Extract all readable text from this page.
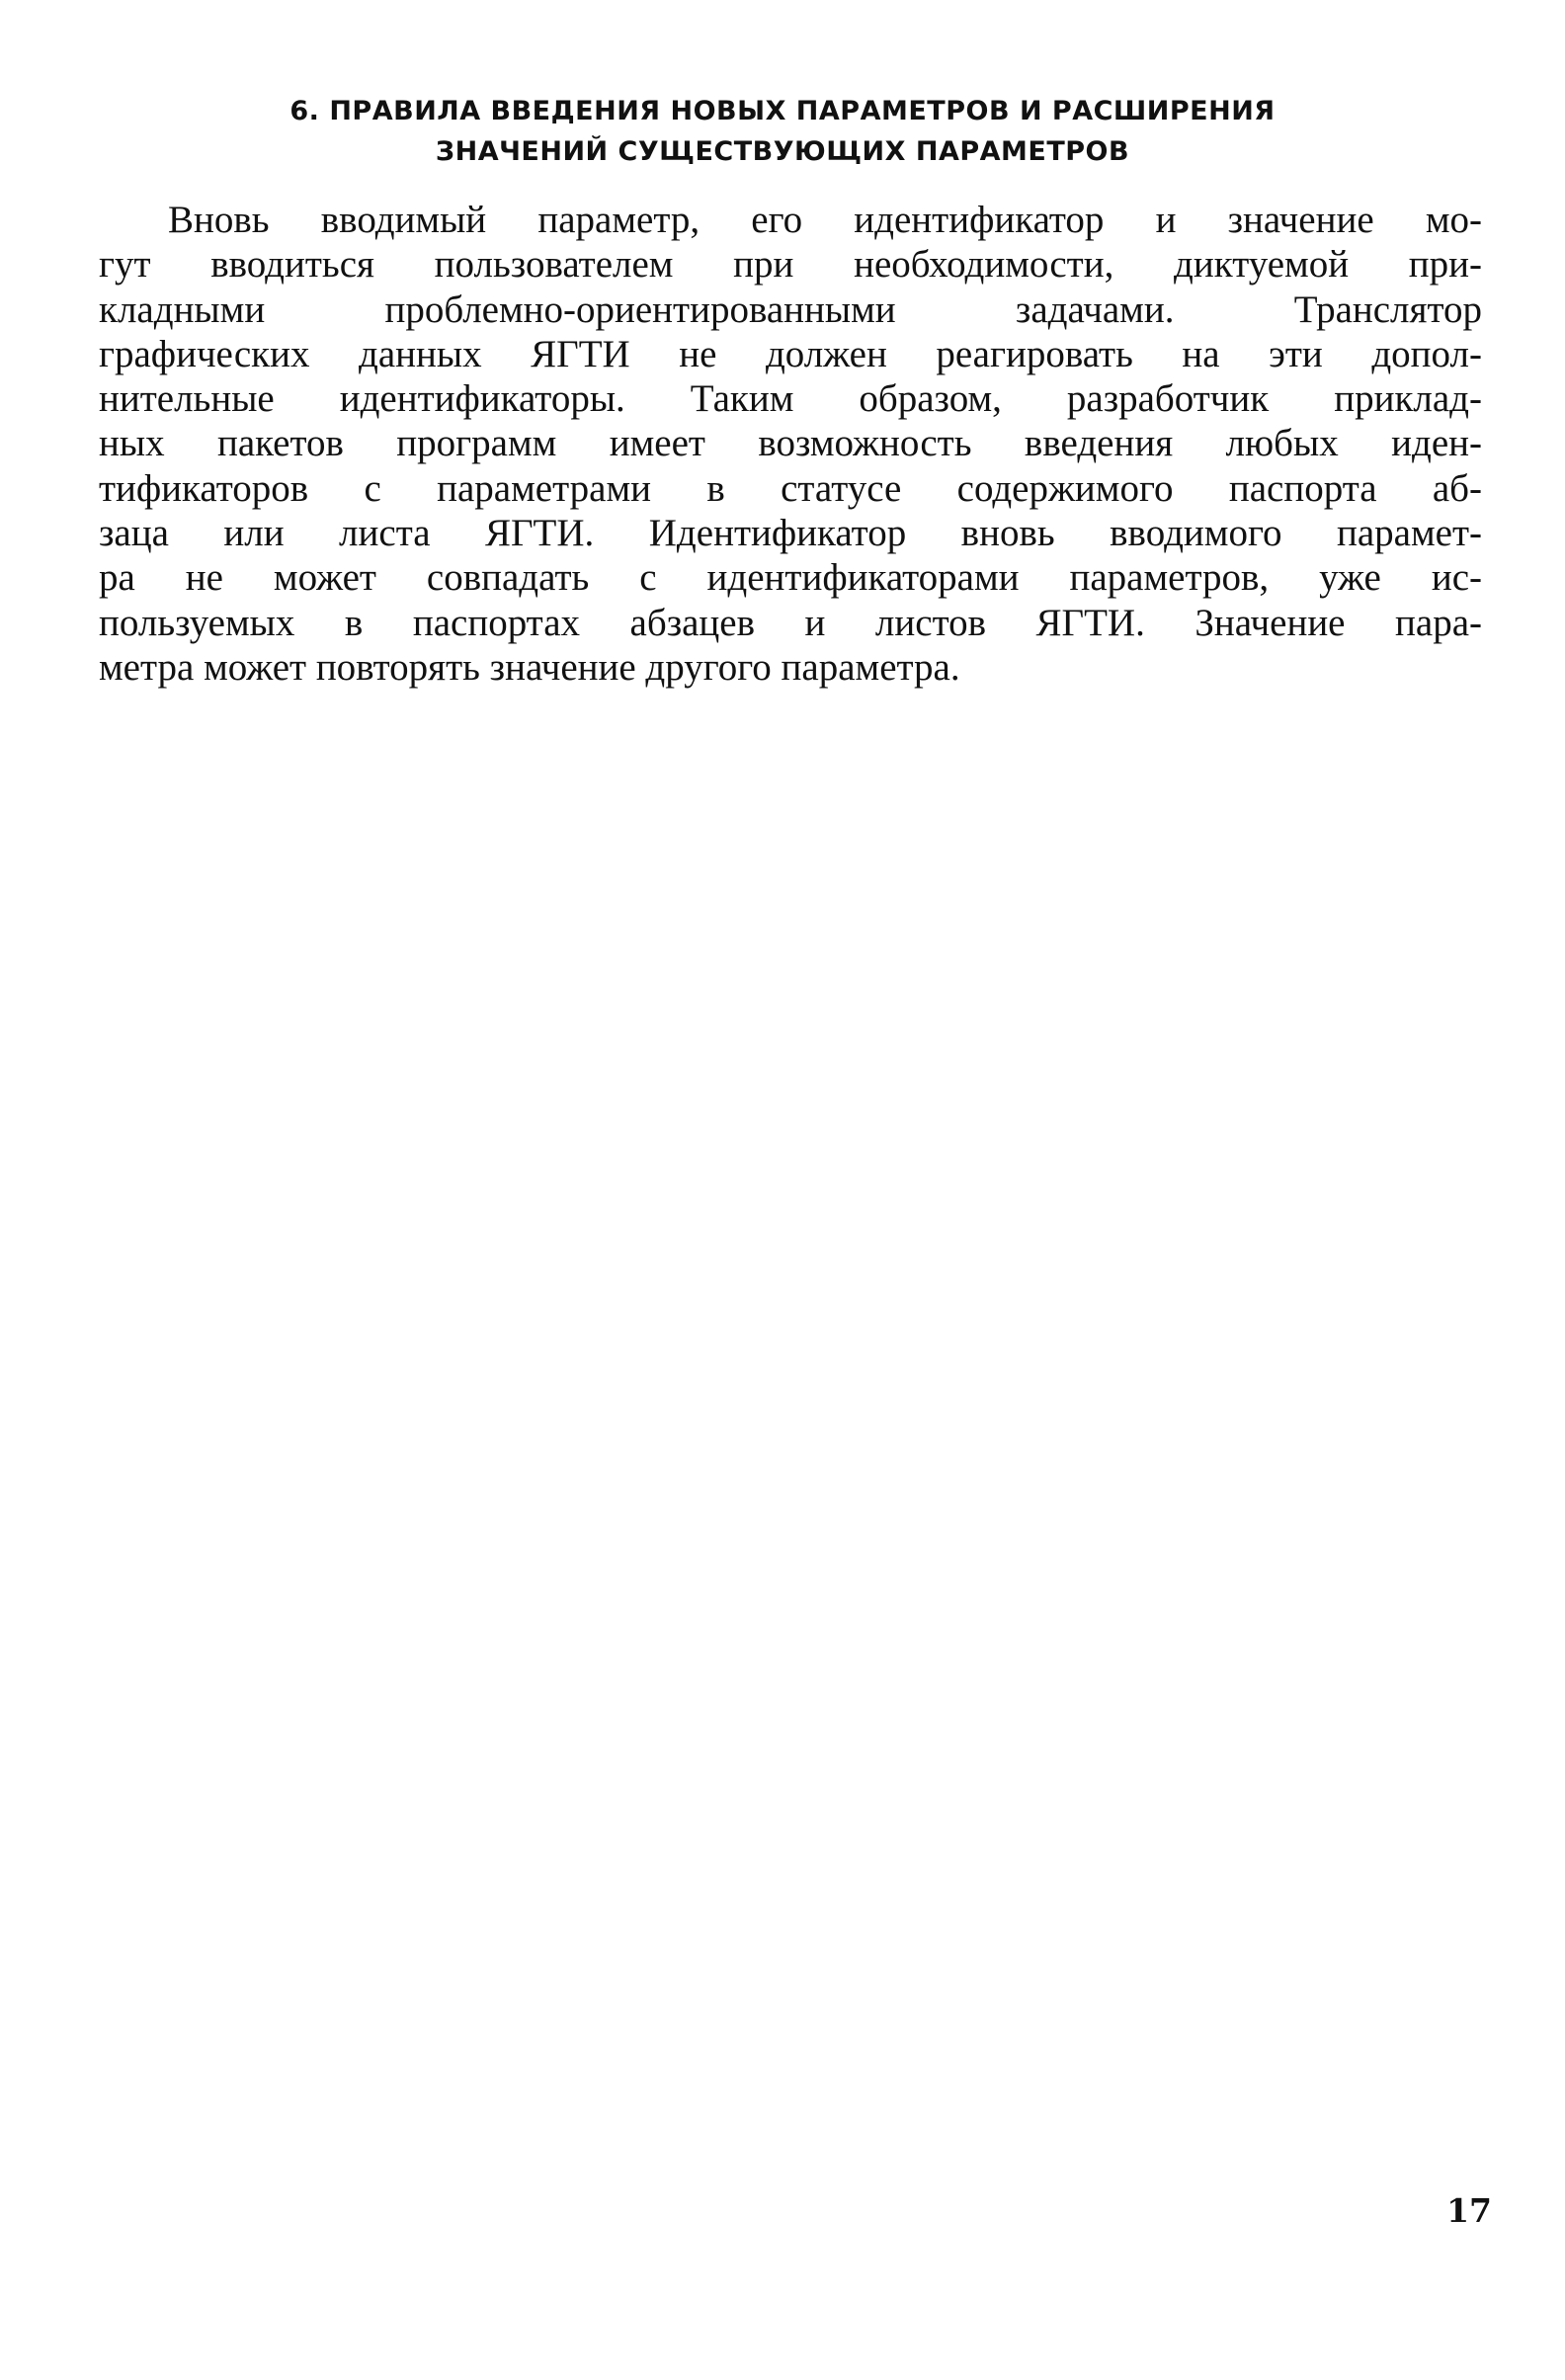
6. ПРАВИЛА ВВЕДЕНИЯ НОВЫХ ПАРАМЕТРОВ И РАСШИРЕНИЯ
ЗНАЧЕНИЙ СУЩЕСТВУЮЩИХ ПАРАМЕТРОВ
Вновь вводимый параметр, его идентификатор и значение мо-
гут вводиться пользователем при необходимости, диктуемой при-
кладными проблемно-ориентированными задачами. Транслятор
графических данных ЯГТИ не должен реагировать на эти допол-
нительные идентификаторы. Таким образом, разработчик приклад-
ных пакетов программ имеет возможность введения любых иден-
тификаторов с параметрами в статусе содержимого паспорта аб-
заца или листа ЯГТИ. Идентификатор вновь вводимого парамет-
ра не может совпадать с идентификаторами параметров, уже ис-
пользуемых в паспортах абзацев и листов ЯГТИ. Значение пара-
метра может повторять значение другого параметра.
17
